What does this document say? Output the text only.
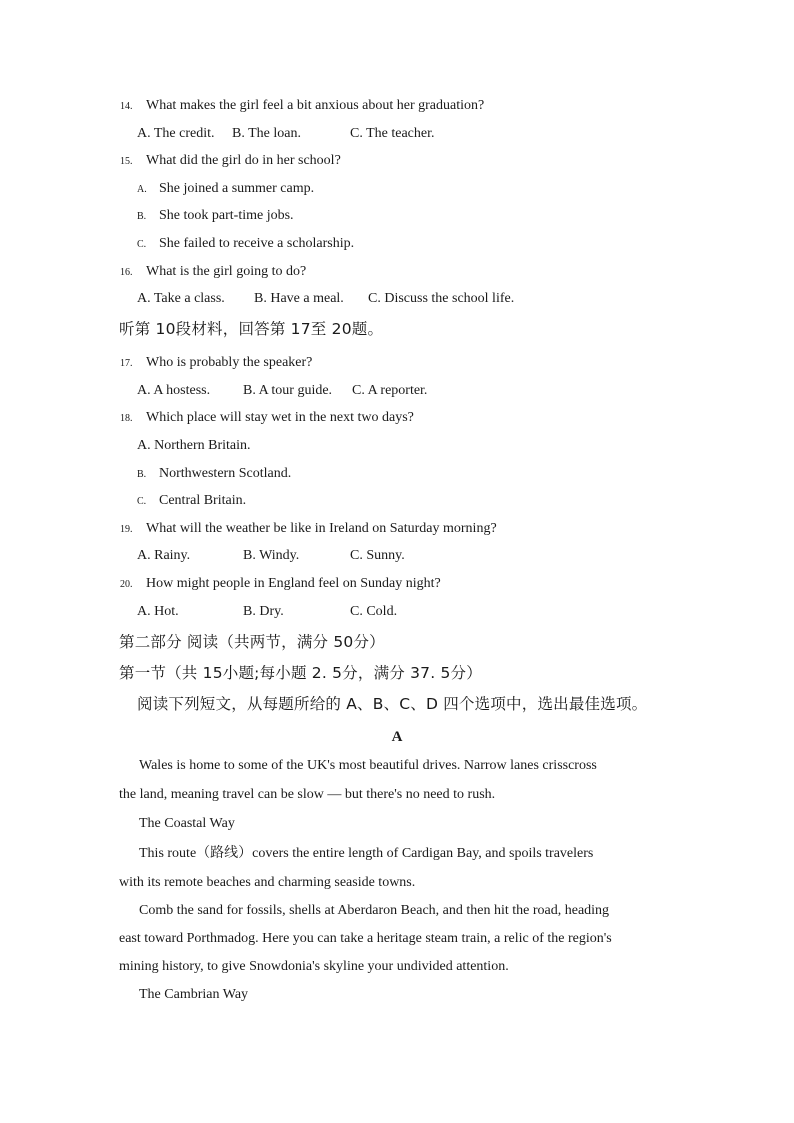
14. What makes the girl feel a bit anxious about her graduation?
A. The credit. B. The loan.	C. The teacher.
15. What did the girl do in her school?
A. She joined a summer camp.
B. She took part-time jobs.
C. She failed to receive a scholarship.
16. What is the girl going to do?
A. Take a class. B. Have a meal. C. Discuss the school life.
听第 10段材料，回答第 17至 20题。
17. Who is probably the speaker?
A. A hostess. B. A tour guide. C. A reporter.
18. Which place will stay wet in the next two days?
A. Northern Britain.
B. Northwestern Scotland.
C. Central Britain.
19. What will the weather be like in Ireland on Saturday morning?
A. Rainy.	B. Windy.	C. Sunny.
20. How might people in England feel on Sunday night?
A. Hot.	B. Dry.	C. Cold.
第二部分 阅读（共两节，满分 50分）
第一节（共 15小题;每小题 2. 5分，满分 37. 5分）
阅读下列短文，从每题所给的 A、B、C、D 四个选项中，选出最佳选项。
A
Wales is home to some of the UK's most beautiful drives. Narrow lanes crisscross
the land, meaning travel can be slow — but there's no need to rush.
The Coastal Way
This route（路线）covers the entire length of Cardigan Bay, and spoils travelers
with its remote beaches and charming seaside towns.
Comb the sand for fossils, shells at Aberdaron Beach, and then hit the road, heading
east toward Porthmadog. Here you can take a heritage steam train, a relic of the region's
mining history, to give Snowdonia's skyline your undivided attention.
The Cambrian Way
